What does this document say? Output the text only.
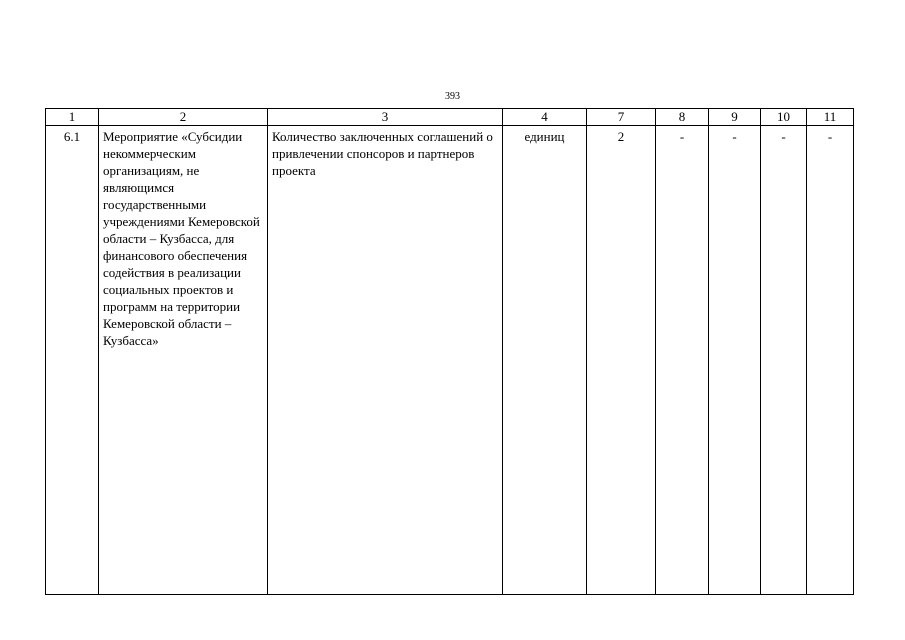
393
1	2	3	4	7	8	9	10	11
6.1	Мероприятие «Субсидии некоммерческим организациям, не являющимся государственными учреждениями Кемеровской области – Кузбасса, для финансового обеспечения содействия в реализации социальных проектов и программ на территории Кемеровской области – Кузбасса»	Количество заключенных соглашений о привлечении спонсоров и партнеров проекта	единиц	2	-	-	-	-
